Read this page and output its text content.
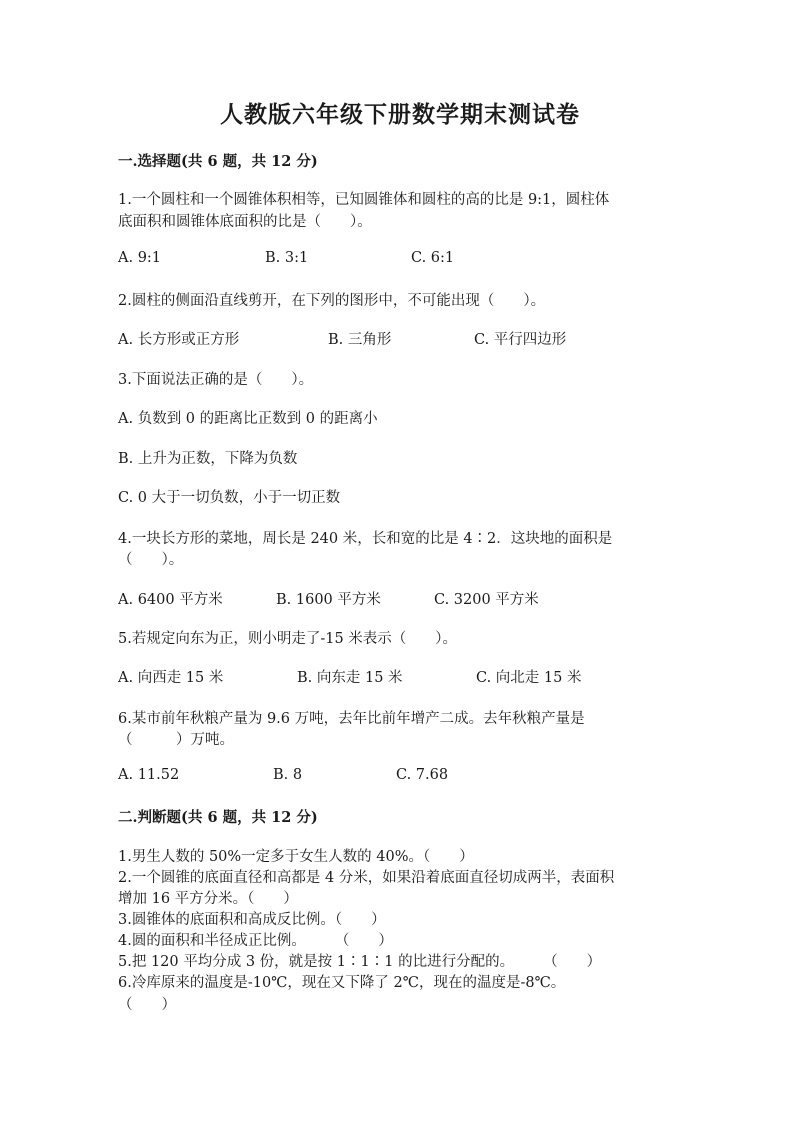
人教版六年级下册数学期末测试卷
一.选择题(共 6 题，共 12 分)
1.一个圆柱和一个圆锥体积相等，已知圆锥体和圆柱的高的比是 9:1，圆柱体
底面积和圆锥体底面积的比是（　　）。
A. 9:1	B. 3:1	C. 6:1
2.圆柱的侧面沿直线剪开，在下列的图形中，不可能出现（　　）。
A. 长方形或正方形	B. 三角形	C. 平行四边形
3.下面说法正确的是（　　）。
A. 负数到 0 的距离比正数到 0 的距离小
B. 上升为正数，下降为负数
C. 0 大于一切负数，小于一切正数
4.一块长方形的菜地，周长是 240 米，长和宽的比是 4∶2．这块地的面积是
（　　）。
A. 6400 平方米	B. 1600 平方米	C. 3200 平方米
5.若规定向东为正，则小明走了-15 米表示（　　）。
A. 向西走 15 米	B. 向东走 15 米	C. 向北走 15 米
6.某市前年秋粮产量为 9.6 万吨，去年比前年增产二成。去年秋粮产量是
（　　　）万吨。
A. 11.52	B. 8	C. 7.68
二.判断题(共 6 题，共 12 分)
1.男生人数的 50%一定多于女生人数的 40%。（　　）
2.一个圆锥的底面直径和高都是 4 分米，如果沿着底面直径切成两半，表面积
增加 16 平方分米。（　　）
3.圆锥体的底面积和高成反比例。（　　）
4.圆的面积和半径成正比例。　　　（　　）
5.把 120 平均分成 3 份，就是按 1∶1∶1 的比进行分配的。　　　（　　）
6.冷库原来的温度是-10℃，现在又下降了 2℃，现在的温度是-8℃。
（　　）
